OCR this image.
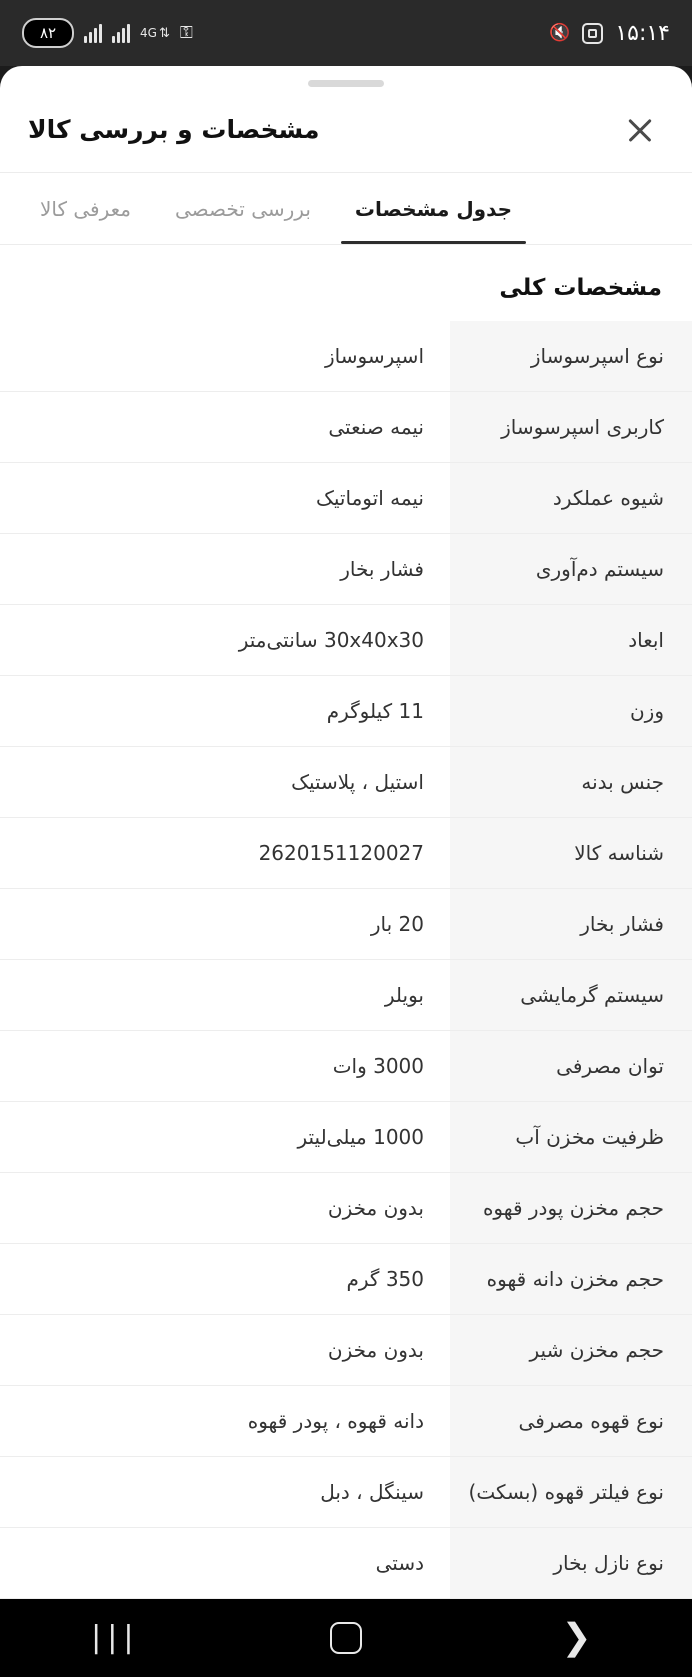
۸۲	4G ⇅ ⚿	🔇 ۱۵:۱۴
مشخصات و بررسی کالا
معرفی کالا	بررسی تخصصی	جدول مشخصات
مشخصات کلی
نوع اسپرسوساز	اسپرسوساز
کاربری اسپرسوساز	نیمه صنعتی
شیوه عملکرد	نیمه اتوماتیک
سیستم دم‌آوری	فشار بخار
ابعاد	30x40x30 سانتی‌متر
وزن	11 کیلوگرم
جنس بدنه	استیل ، پلاستیک
شناسه کالا	2620151120027
فشار بخار	20 بار
سیستم گرمایشی	بویلر
توان مصرفی	3000 وات
ظرفیت مخزن آب	1000 میلی‌لیتر
حجم مخزن پودر قهوه	بدون مخزن
حجم مخزن دانه قهوه	350 گرم
حجم مخزن شیر	بدون مخزن
نوع قهوه مصرفی	دانه قهوه ، پودر قهوه
نوع فیلتر قهوه (بسکت)	سینگل ، دبل
نوع نازل بخار	دستی
|||	❯
